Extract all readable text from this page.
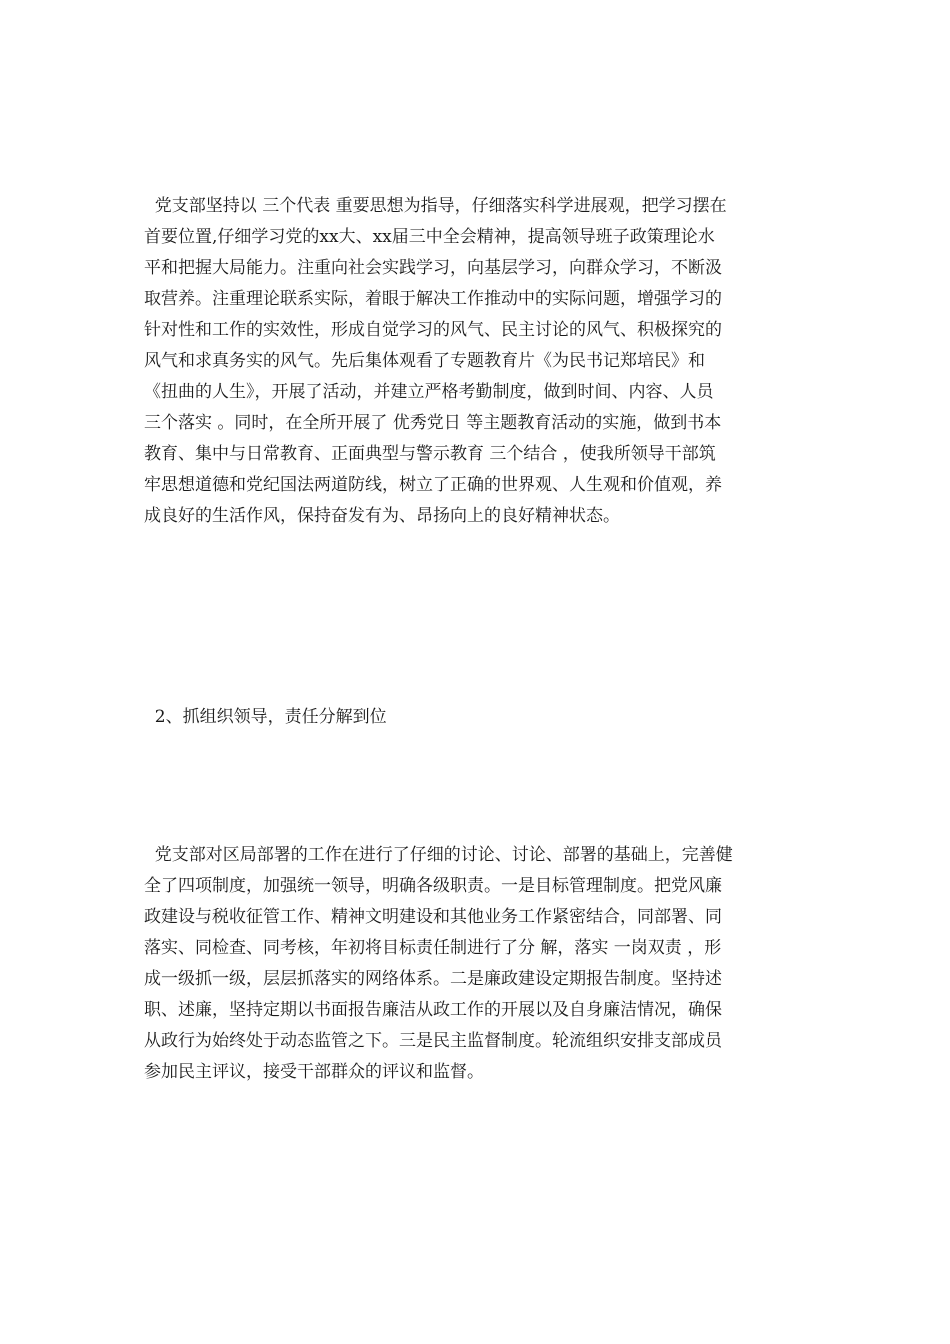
党支部坚持以 三个代表 重要思想为指导，仔细落实科学进展观，把学习摆在
首要位置,仔细学习党的xx大、xx届三中全会精神，提高领导班子政策理论水
平和把握大局能力。注重向社会实践学习，向基层学习，向群众学习，不断汲
取营养。注重理论联系实际，着眼于解决工作推动中的实际问题，增强学习的
针对性和工作的实效性，形成自觉学习的风气、民主讨论的风气、积极探究的
风气和求真务实的风气。先后集体观看了专题教育片《为民书记郑培民》和
《扭曲的人生》，开展了活动，并建立严格考勤制度，做到时间、内容、人员
三个落实 。同时，在全所开展了 优秀党日 等主题教育活动的实施，做到书本
教育、集中与日常教育、正面典型与警示教育 三个结合 ，使我所领导干部筑
牢思想道德和党纪国法两道防线，树立了正确的世界观、人生观和价值观，养
成良好的生活作风，保持奋发有为、昂扬向上的良好精神状态。
2、抓组织领导，责任分解到位
党支部对区局部署的工作在进行了仔细的讨论、讨论、部署的基础上，完善健
全了四项制度，加强统一领导，明确各级职责。一是目标管理制度。把党风廉
政建设与税收征管工作、精神文明建设和其他业务工作紧密结合，同部署、同
落实、同检查、同考核，年初将目标责任制进行了分 解，落实 一岗双责 ，形
成一级抓一级，层层抓落实的网络体系。二是廉政建设定期报告制度。坚持述
职、述廉，坚持定期以书面报告廉洁从政工作的开展以及自身廉洁情况，确保
从政行为始终处于动态监管之下。三是民主监督制度。轮流组织安排支部成员
参加民主评议，接受干部群众的评议和监督。
